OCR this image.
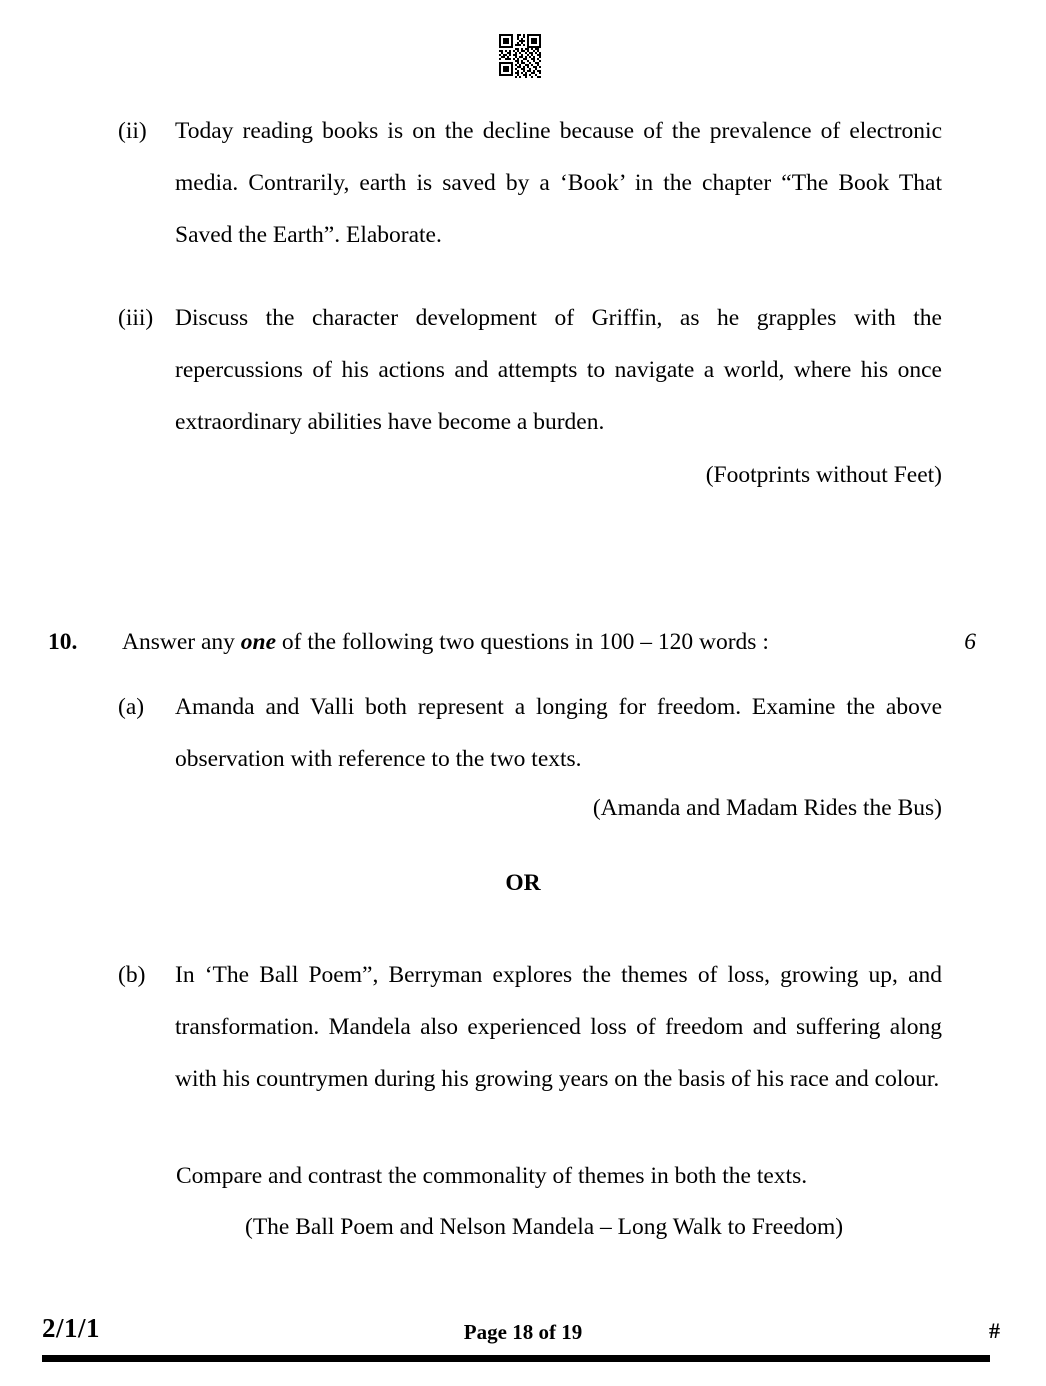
(ii)	Today reading books is on the decline because of the prevalence of electronic media. Contrarily, earth is saved by a ‘Book’ in the chapter “The Book That Saved the Earth”. Elaborate.
(iii) Discuss the character development of Griffin, as he grapples with the repercussions of his actions and attempts to navigate a world, where his once extraordinary abilities have become a burden.
(Footprints without Feet)
10. Answer any one of the following two questions in 100 – 120 words :	6
(a)	Amanda and Valli both represent a longing for freedom. Examine the above observation with reference to the two texts.
(Amanda and Madam Rides the Bus)
OR
(b)	In ‘The Ball Poem”, Berryman explores the themes of loss, growing up, and transformation. Mandela also experienced loss of freedom and suffering along with his countrymen during his growing years on the basis of his race and colour.
Compare and contrast the commonality of themes in both the texts.
(The Ball Poem and Nelson Mandela – Long Walk to Freedom)
2/1/1	Page 18 of 19	#
